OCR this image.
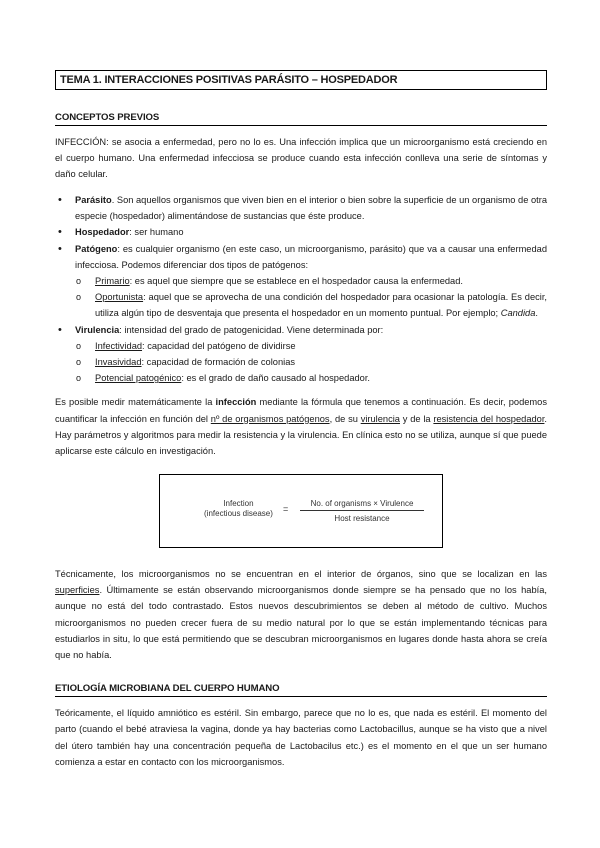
TEMA 1. INTERACCIONES POSITIVAS PARÁSITO – HOSPEDADOR
CONCEPTOS PREVIOS

INFECCIÓN: se asocia a enfermedad, pero no lo es. Una infección implica que un microorganismo está creciendo en el cuerpo humano. Una enfermedad infecciosa se produce cuando esta infección conlleva una serie de síntomas y daño celular.

• Parásito. Son aquellos organismos que viven bien en el interior o bien sobre la superficie de un organismo de otra especie (hospedador) alimentándose de sustancias que éste produce.
• Hospedador: ser humano
• Patógeno: es cualquier organismo (en este caso, un microorganismo, parásito) que va a causar una enfermedad infecciosa. Podemos diferenciar dos tipos de patógenos:
o Primario: es aquel que siempre que se establece en el hospedador causa la enfermedad.
o Oportunista: aquel que se aprovecha de una condición del hospedador para ocasionar la patología. Es decir, utiliza algún tipo de desventaja que presenta el hospedador en un momento puntual. Por ejemplo; Candida.
• Virulencia: intensidad del grado de patogenicidad. Viene determinada por:
o Infectividad: capacidad del patógeno de dividirse
o Invasividad: capacidad de formación de colonias
o Potencial patogénico: es el grado de daño causado al hospedador.

Es posible medir matemáticamente la infección mediante la fórmula que tenemos a continuación. Es decir, podemos cuantificar la infección en función del nº de organismos patógenos, de su virulencia y de la resistencia del hospedador. Hay parámetros y algoritmos para medir la resistencia y la virulencia. En clínica esto no se utiliza, aunque sí que puede aplicarse este cálculo en investigación.

Infection
(infectious disease) =
No. of organisms × Virulence
Host resistance

Técnicamente, los microorganismos no se encuentran en el interior de órganos, sino que se localizan en las superficies. Últimamente se están observando microorganismos donde siempre se ha pensado que no los había, aunque no está del todo contrastado. Estos nuevos descubrimientos se deben al método de cultivo. Muchos microorganismos no pueden crecer fuera de su medio natural por lo que se están implementando técnicas para estudiarlos in situ, lo que está permitiendo que se descubran microorganismos en lugares donde hasta ahora se creía que no había.

ETIOLOGÍA MICROBIANA DEL CUERPO HUMANO

Teóricamente, el líquido amniótico es estéril. Sin embargo, parece que no lo es, que nada es estéril. El momento del parto (cuando el bebé atraviesa la vagina, donde ya hay bacterias como Lactobacillus, aunque se ha visto que a nivel del útero también hay una concentración pequeña de Lactobacilus etc.) es el momento en el que un ser humano comienza a estar en contacto con los microorganismos.
